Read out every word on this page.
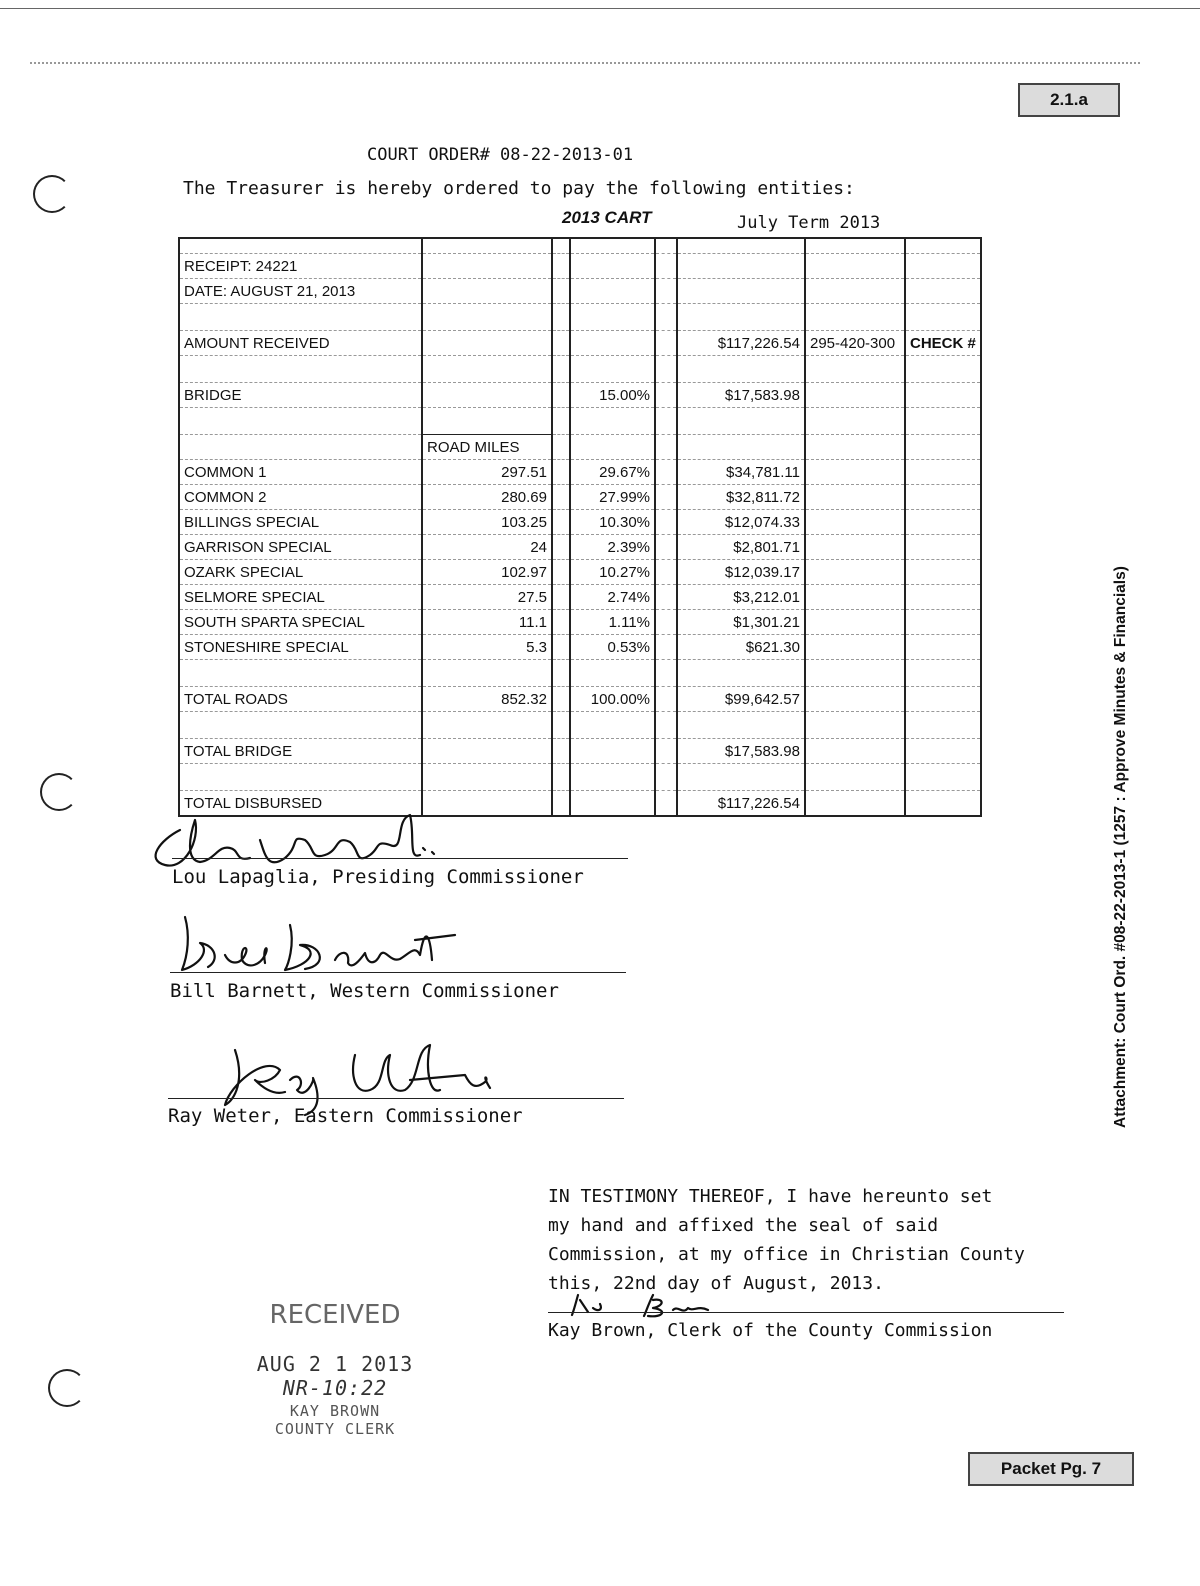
2.1.a
COURT ORDER# 08-22-2013-01
The Treasurer is hereby ordered to pay the following entities:
2013 CART	July Term 2013

RECEIPT: 24221							
DATE: AUGUST 21, 2013							

AMOUNT RECEIVED					$117,226.54	295-420-300	CHECK #

BRIDGE			15.00%		$17,583.98		

	ROAD MILES						
COMMON 1	297.51		29.67%		$34,781.11		
COMMON 2	280.69		27.99%		$32,811.72		
BILLINGS SPECIAL	103.25		10.30%		$12,074.33		
GARRISON SPECIAL	24		2.39%		$2,801.71		
OZARK SPECIAL	102.97		10.27%		$12,039.17		
SELMORE SPECIAL	27.5		2.74%		$3,212.01		
SOUTH SPARTA SPECIAL	11.1		1.11%		$1,301.21		
STONESHIRE SPECIAL	5.3		0.53%		$621.30		

TOTAL ROADS	852.32		100.00%		$99,642.57		

TOTAL BRIDGE					$17,583.98		

TOTAL DISBURSED					$117,226.54		
Lou Lapaglia, Presiding Commissioner
Bill Barnett, Western Commissioner
Ray Weter, Eastern Commissioner
IN TESTIMONY THEREOF, I have hereunto set
my hand and affixed the seal of said
Commission, at my office in Christian County
this, 22nd day of August, 2013.
Kay Brown, Clerk of the County Commission
RECEIVED
AUG 2 1 2013
NR-10:22
KAY BROWN
COUNTY CLERK
Attachment: Court Ord. #08-22-2013-1 (1257 : Approve Minutes & Financials)
Packet Pg. 7
